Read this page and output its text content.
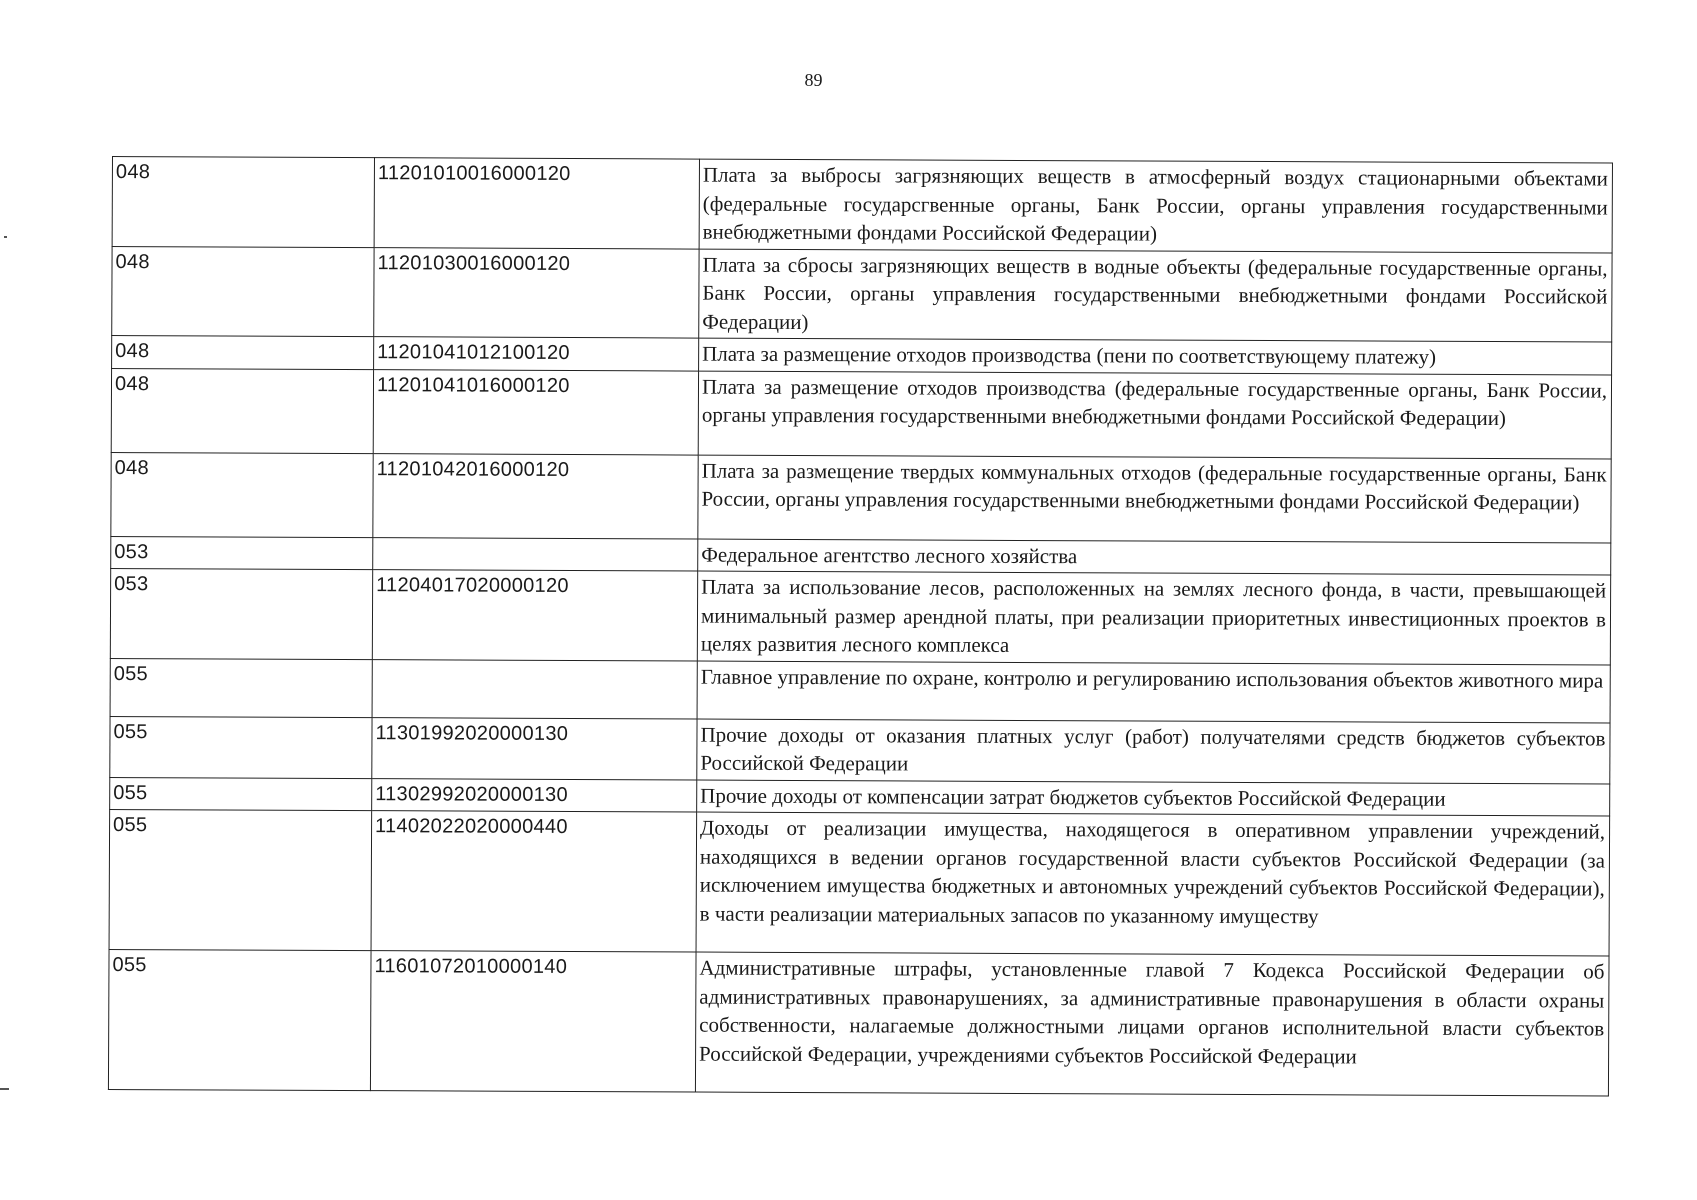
89
048	11201010016000120	Плата за выбросы загрязняющих веществ в атмосферный воздух стационарными объектами (федеральные государсгвенные органы, Банк России, органы управления государственными внебюджетными фондами Российской Федерации)
048	11201030016000120	Плата за сбросы загрязняющих веществ в водные объекты (федеральные государственные органы, Банк России, органы управления государственными внебюджетными фондами Российской Федерации)
048	11201041012100120	Плата за размещение отходов производства (пени по соответствующему платежу)
048	11201041016000120	Плата за размещение отходов производства (федеральные государственные органы, Банк России, органы управления государственными внебюджетными фондами Российской Федерации)
048	11201042016000120	Плата за размещение твердых коммунальных отходов (федеральные государственные органы, Банк России, органы управления государственными внебюджетными фондами Российской Федерации)
053		Федеральное агентство лесного хозяйства
053	11204017020000120	Плата за использование лесов, расположенных на землях лесного фонда, в части, превышающей минимальный размер арендной платы, при реализации приоритетных инвестиционных проектов в целях развития лесного комплекса
055		Главное управление по охране, контролю и регулированию использования объектов животного мира
055	11301992020000130	Прочие доходы от оказания платных услуг (работ) получателями средств бюджетов субъектов Российской Федерации
055	11302992020000130	Прочие доходы от компенсации затрат бюджетов субъектов Российской Федерации
055	11402022020000440	Доходы от реализации имущества, находящегося в оперативном управлении учреждений, находящихся в ведении органов государственной власти субъектов Российской Федерации (за исключением имущества бюджетных и автономных учреждений субъектов Российской Федерации), в части реализации материальных запасов по указанному имуществу
055	11601072010000140	Административные штрафы, установленные главой 7 Кодекса Российской Федерации об административных правонарушениях, за административные правонарушения в области охраны собственности, налагаемые должностными лицами органов исполнительной власти субъектов Российской Федерации, учреждениями субъектов Российской Федерации
